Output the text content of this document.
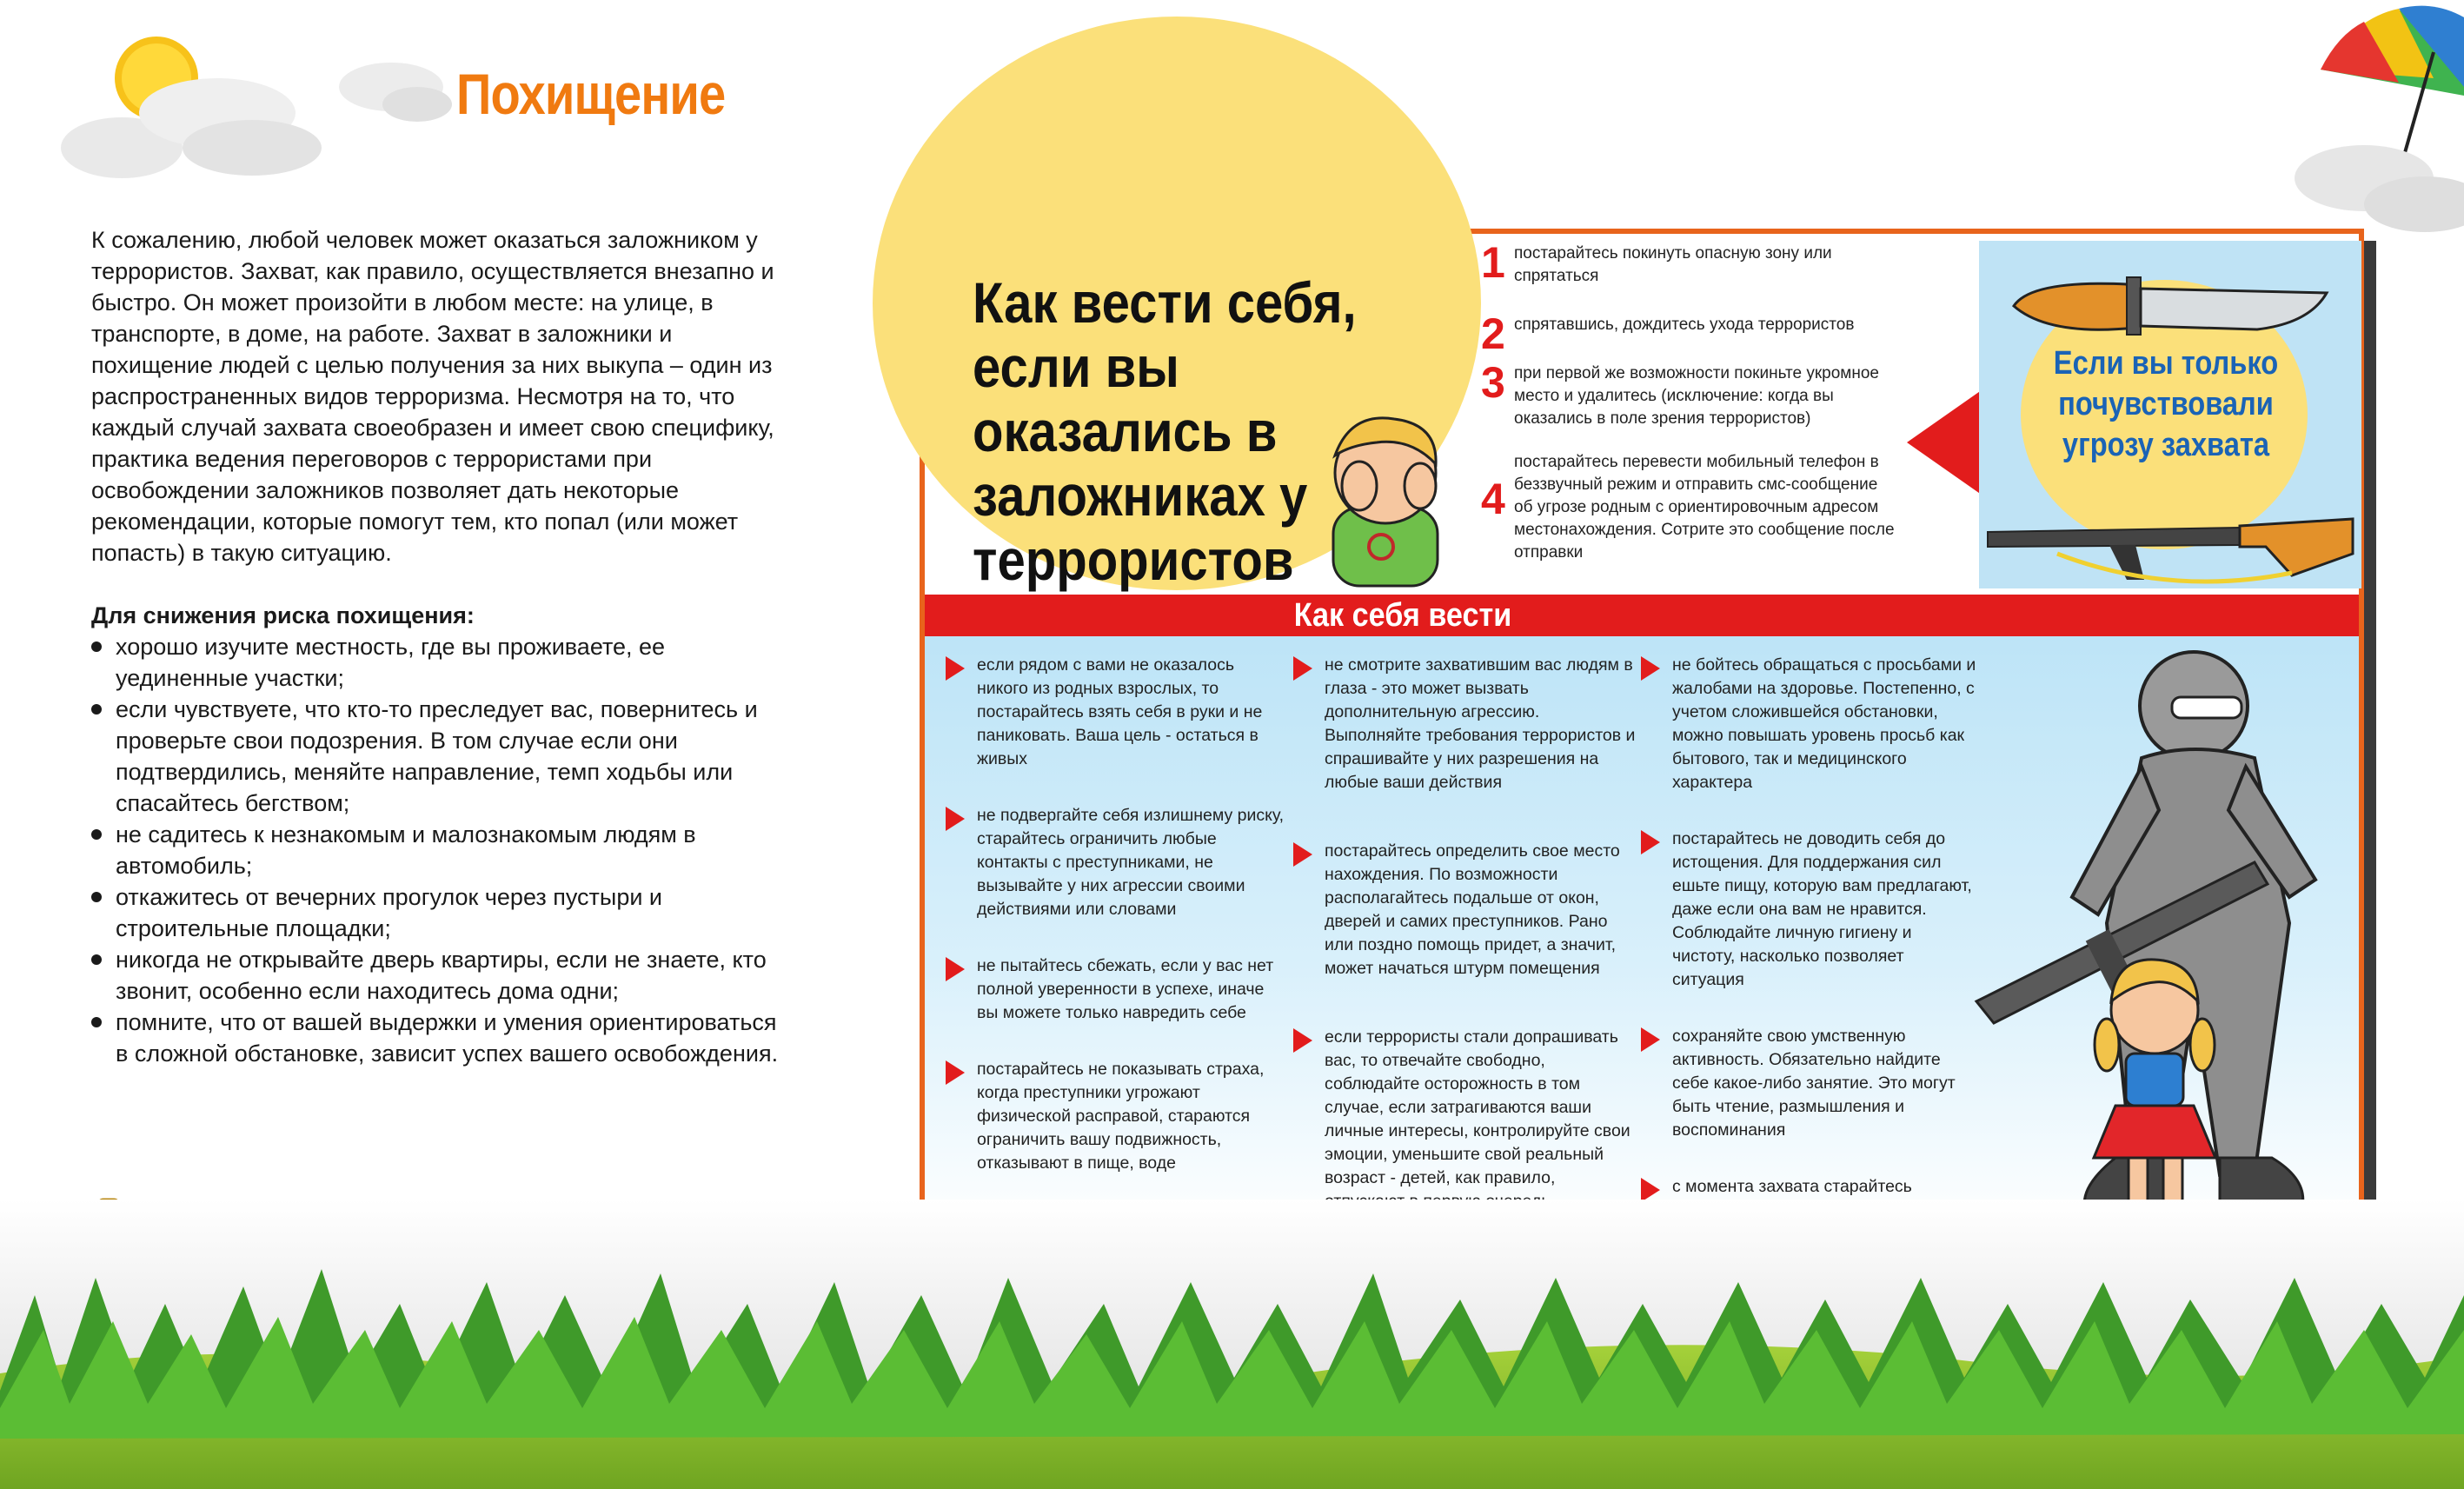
Похищение

К сожалению, любой человек может оказаться заложником у террористов. Захват, как правило, осуществляется внезапно и быстро. Он может произойти в любом месте: на улице, в транспорте, в доме, на работе. Захват в заложники и похищение людей с целью получения за них выкупа – один из распространенных видов терроризма. Несмотря на то, что каждый случай захвата своеобразен и имеет свою специфику, практика ведения переговоров с террористами при освобождении заложников позволяет дать некоторые рекомендации, которые помогут тем, кто попал (или может попасть) в такую ситуацию.

Для снижения риска похищения:

хорошо изучите местность, где вы проживаете, ее уединенные участки;
если чувствуете, что кто-то преследует вас, повернитесь и проверьте свои подозрения. В том случае если они подтвердились, меняйте направление, темп ходьбы или спасайтесь бегством;
не садитесь к незнакомым и малознакомым людям в автомобиль;
откажитесь от вечерних прогулок через пустыри и строительные площадки;
никогда не открывайте дверь квартиры, если не знаете, кто звонит, особенно если находитесь дома одни;
помните, что от вашей выдержки и умения ориентироваться в сложной обстановке, зависит успех вашего освобождения.
Как вести себя, если вы оказались в заложниках у террористов
1 постарайтесь покинуть опасную зону или спрятаться
2 спрятавшись, дождитесь ухода террористов
3 при первой же возможности покиньте укромное место и удалитесь (исключение: когда вы оказались в поле зрения террористов)
4
постарайтесь перевести мобильный телефон в беззвучный режим и отправить смс-сообщение об угрозе родным с ориентировочным адресом местонахождения. Сотрите это сообщение после отправки
Если вы только почувствовали угрозу захвата
Как себя вести
если рядом с вами не оказалось никого из родных взрослых, то постарайтесь взять себя в руки и не паниковать. Ваша цель - остаться в живых
не подвергайте себя излишнему риску, старайтесь ограничить любые контакты с преступниками, не вызывайте у них агрессии своими действиями или словами
не пытайтесь сбежать, если у вас нет полной уверенности в успехе, иначе вы можете только навредить себе
постарайтесь не показывать страха, когда преступники угрожают физической расправой, стараются ограничить вашу подвижность, отказывают в пище, воде
не смотрите захватившим вас людям в глаза - это может вызвать дополнительную агрессию. Выполняйте требования террористов и спрашивайте у них разрешения на любые ваши действия
постарайтесь определить свое место нахождения. По возможности располагайтесь подальше от окон, дверей и самих преступников. Рано или поздно помощь придет, а значит, может начаться штурм помещения
если террористы стали допрашивать вас, то отвечайте свободно, соблюдайте осторожность в том случае, если затрагиваются ваши личные интересы, контролируйте свои эмоции, уменьшите свой реальный возраст - детей, как правило,
не бойтесь обращаться с просьбами и жалобами на здоровье. Постепенно, с учетом сложившейся обстановки, можно повышать уровень просьб как бытового, так и медицинского характера
постарайтесь не доводить себя до истощения. Для поддержания сил ешьте пищу, которую вам предлагают, даже если она вам не нравится. Соблюдайте личную гигиену и чистоту, насколько позволяет ситуация
сохраняйте свою умственную активность. Обязательно найдите себе какое-либо занятие. Это могут быть чтение, размышления и воспоминания
с момента захвата старайтесь
